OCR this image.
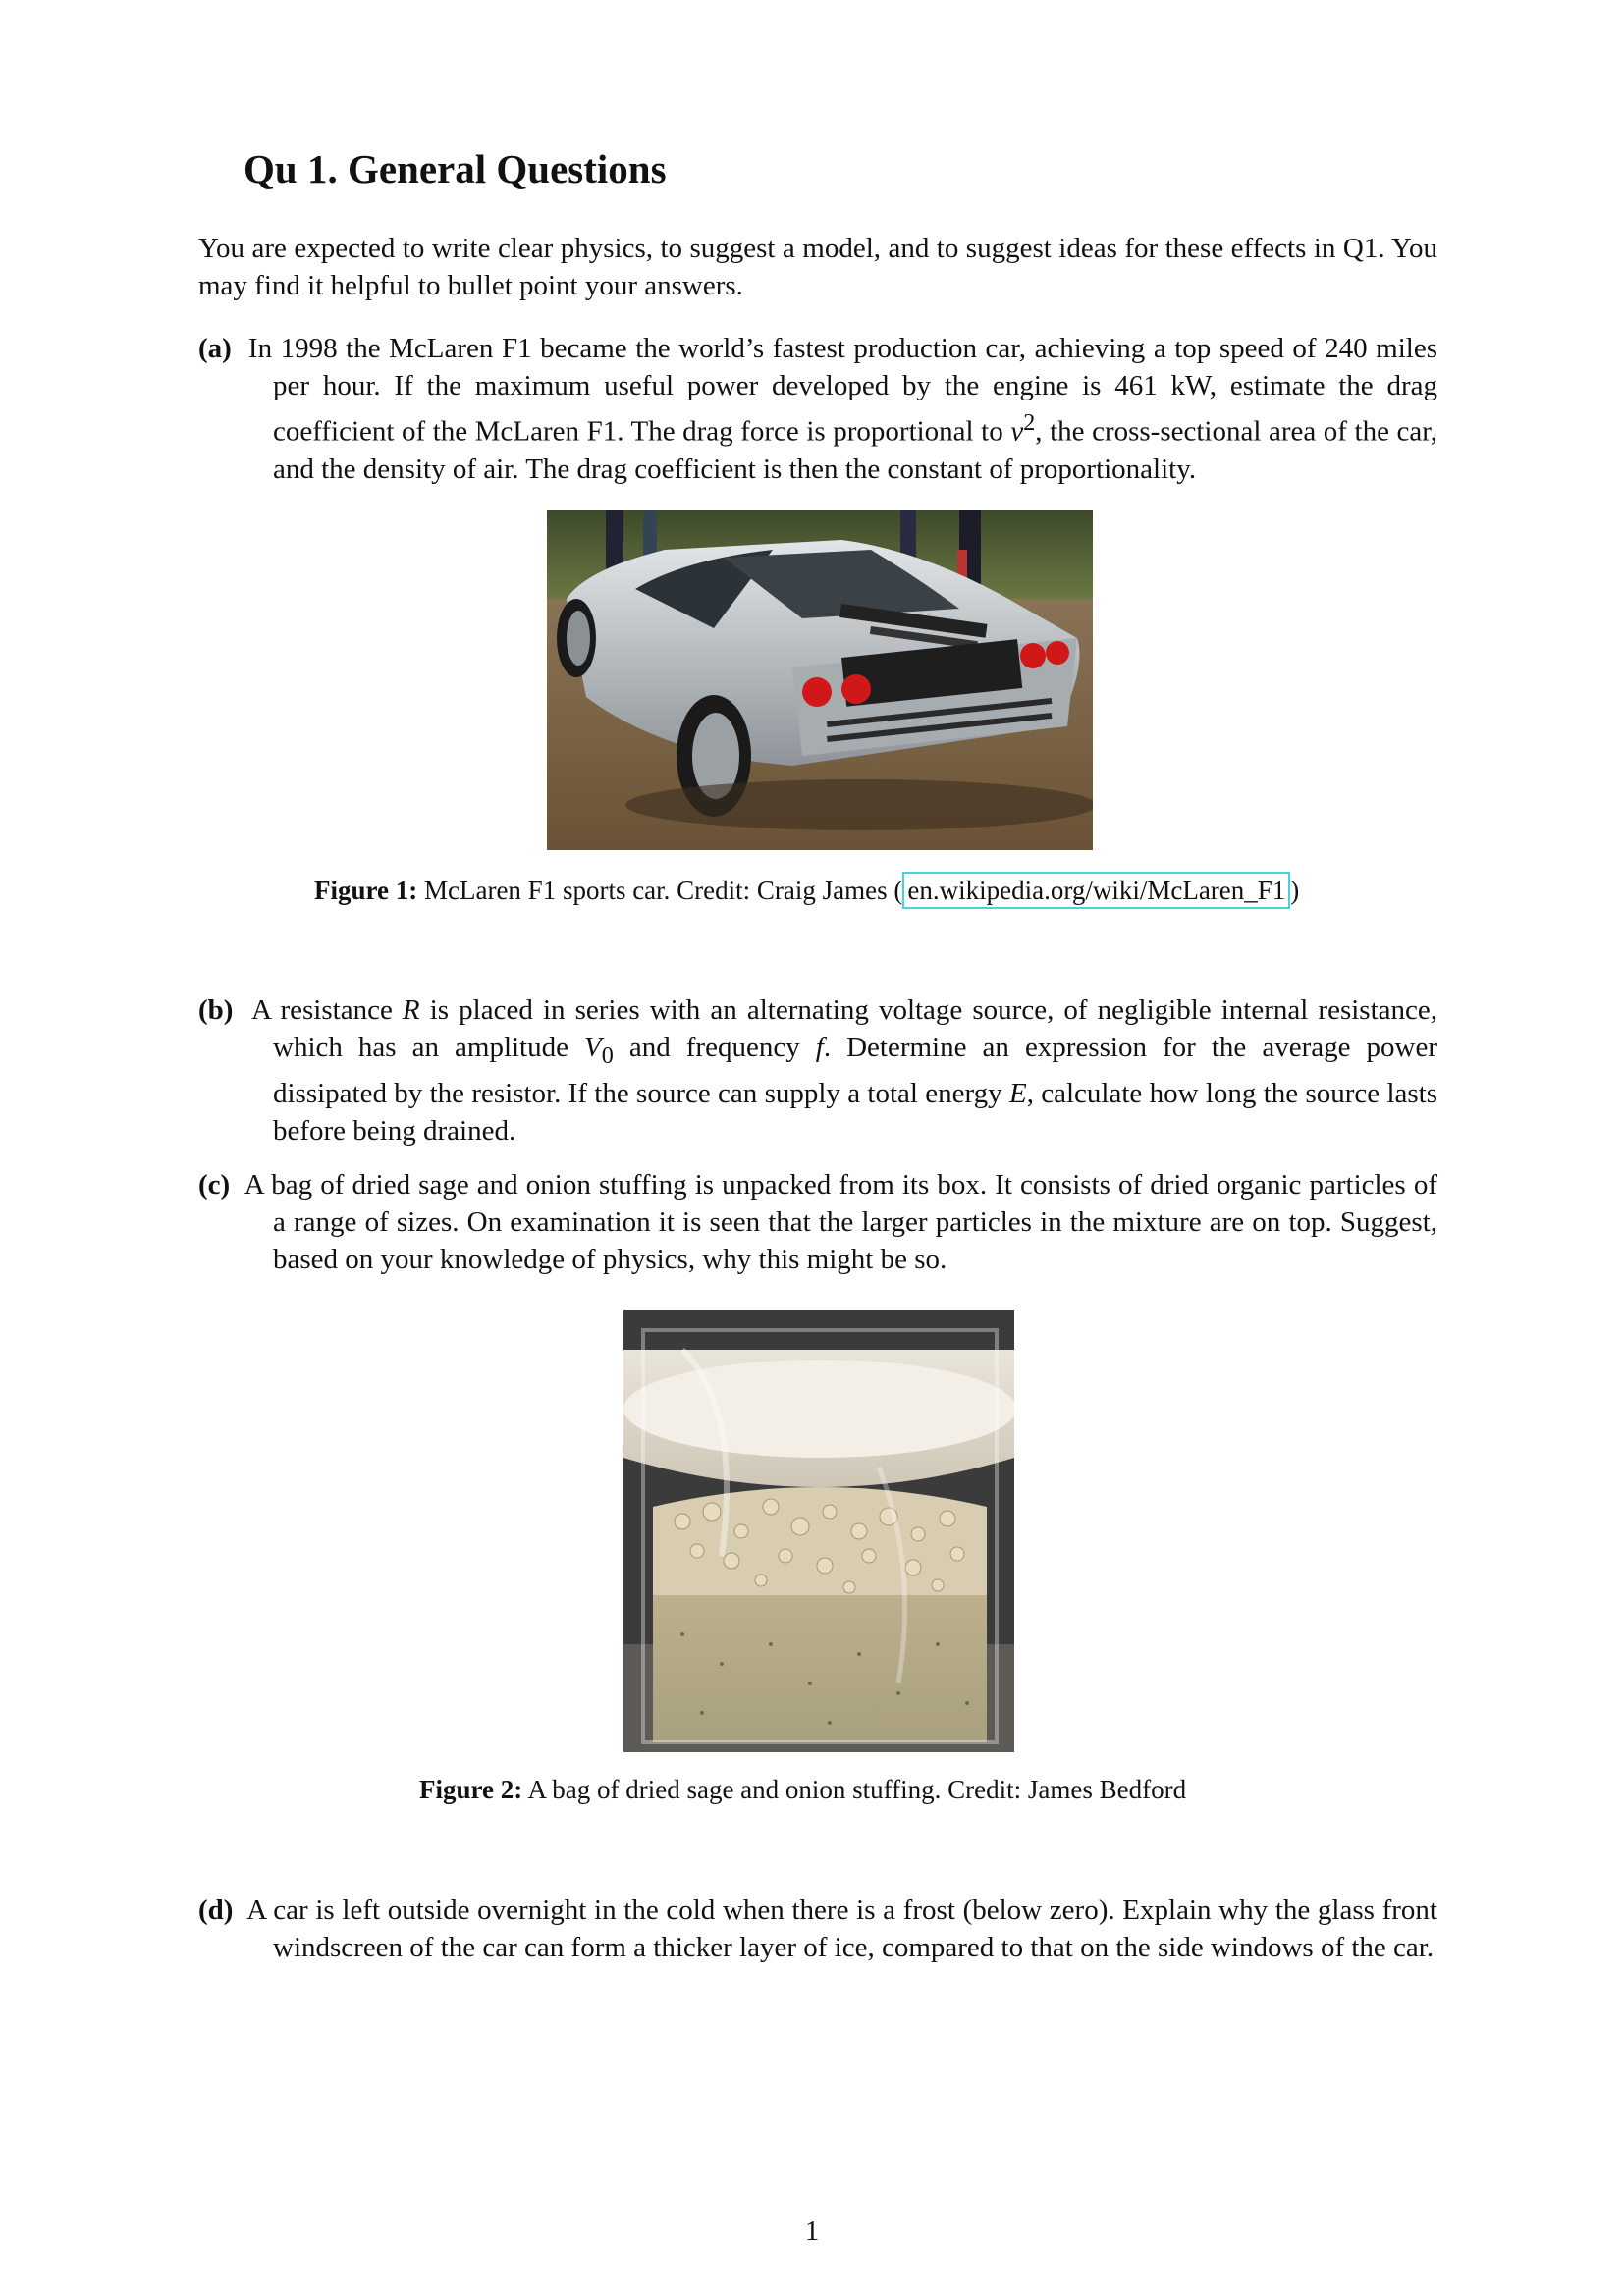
Qu 1. General Questions

You are expected to write clear physics, to suggest a model, and to suggest ideas for these effects in Q1. You may find it helpful to bullet point your answers.

(a) In 1998 the McLaren F1 became the world’s fastest production car, achieving a top speed of 240 miles per hour. If the maximum useful power developed by the engine is 461 kW, estimate the drag coefficient of the McLaren F1. The drag force is proportional to $v^2$, the cross-sectional area of the car, and the density of air. The drag coefficient is then the constant of proportionality.

Figure 1: McLaren F1 sports car. Credit: Craig James ( en.wikipedia.org/wiki/McLaren_F1 )

(b) A resistance R is placed in series with an alternating voltage source, of negligible internal resistance, which has an amplitude $V_0$ and frequency f. Determine an expression for the average power dissipated by the resistor. If the source can supply a total energy E, calculate how long the source lasts before being drained.

(c) A bag of dried sage and onion stuffing is unpacked from its box. It consists of dried organic particles of a range of sizes. On examination it is seen that the larger particles in the mixture are on top. Suggest, based on your knowledge of physics, why this might be so.

Figure 2: A bag of dried sage and onion stuffing. Credit: James Bedford

(d) A car is left outside overnight in the cold when there is a frost (below zero). Explain why the glass front windscreen of the car can form a thicker layer of ice, compared to that on the side windows of the car.

1
